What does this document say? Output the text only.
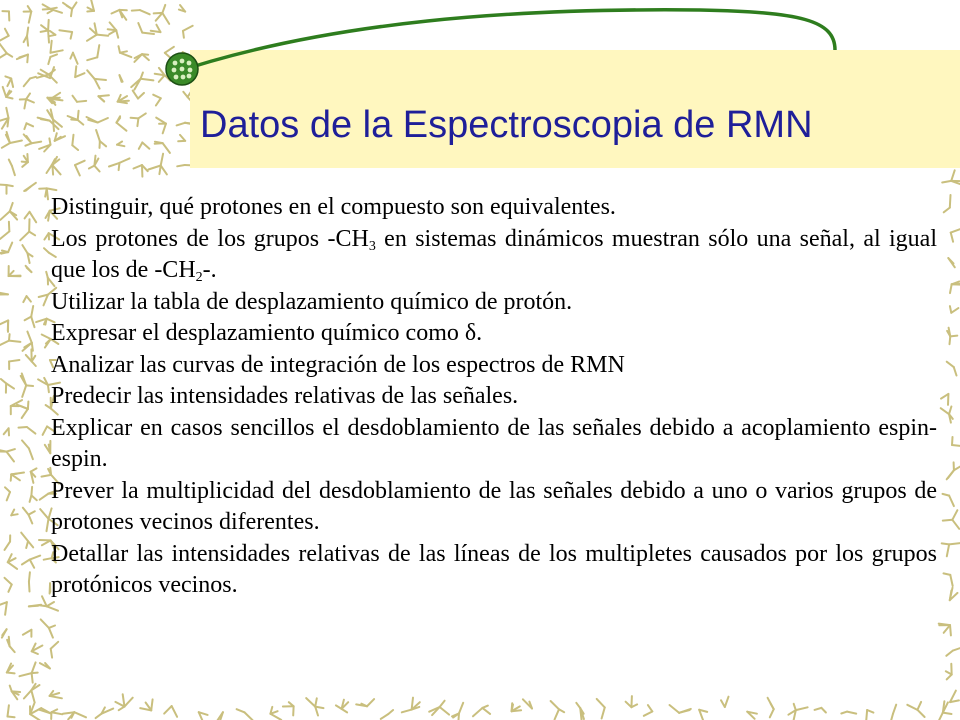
Datos de la Espectroscopia de RMN

Distinguir, qué protones en el compuesto son equivalentes.

Los protones de los grupos $-CH_3$ en sistemas dinámicos muestran sólo una señal, al igual que los de $-CH_2-$.

Utilizar la tabla de desplazamiento químico de protón.

Expresar el desplazamiento químico como δ.

Analizar las curvas de integración de los espectros de RMN

Predecir las intensidades relativas de las señales.

Explicar en casos sencillos el desdoblamiento de las señales debido a acoplamiento espin-espin.

Prever la multiplicidad del desdoblamiento de las señales debido a uno o varios grupos de protones vecinos diferentes.

Detallar las intensidades relativas de las líneas de los multipletes causados por los grupos protónicos vecinos.
